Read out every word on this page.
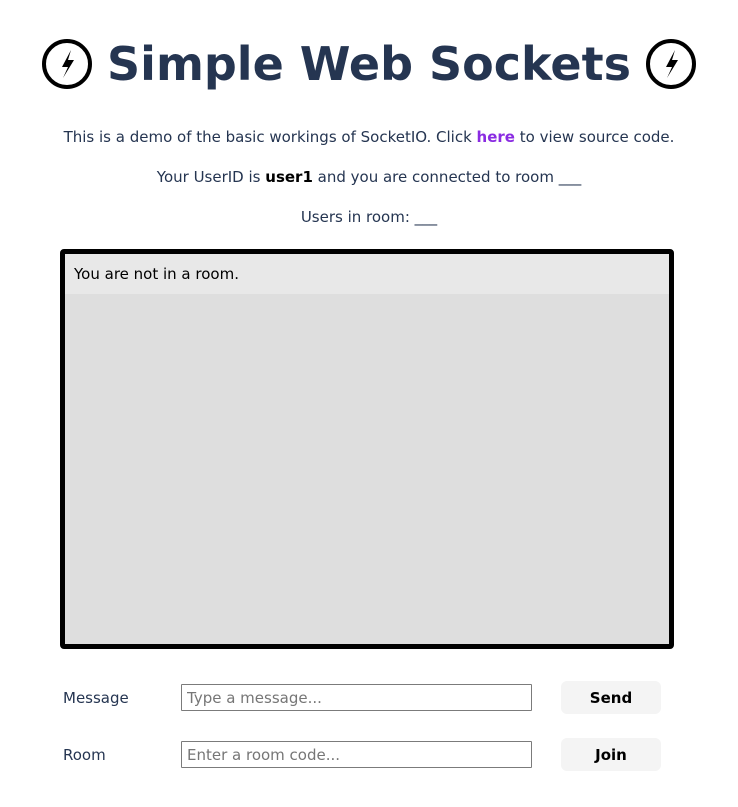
Simple Web Sockets
This is a demo of the basic workings of SocketIO. Click here to view source code.
Your UserID is user1 and you are connected to room ___
Users in room: ___
You are not in a room.
Message
Type a message...	Send
Room
Enter a room code...	Join
